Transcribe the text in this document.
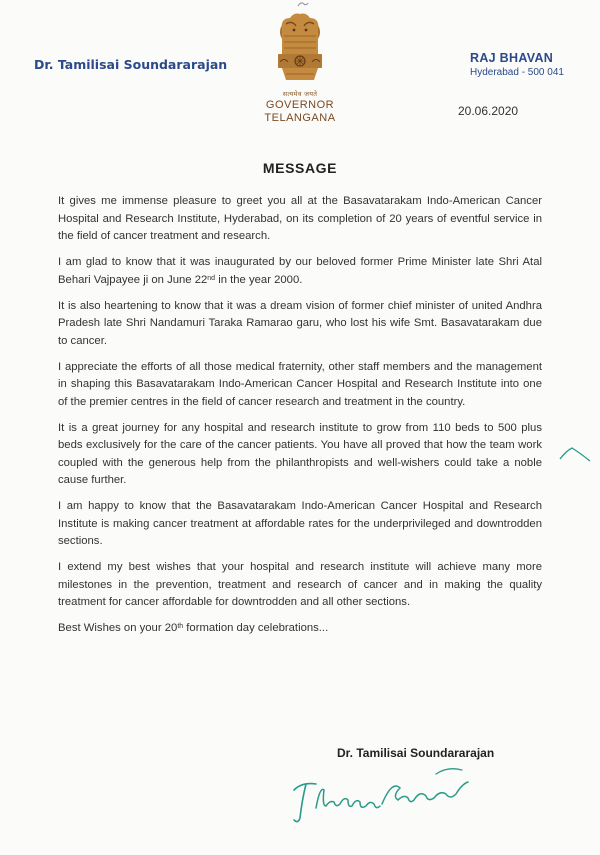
Dr. Tamilisai Soundararajan
सत्यमेव जयते
GOVERNOR
TELANGANA
RAJ BHAVAN
Hyderabad - 500 041
20.06.2020
MESSAGE

It gives me immense pleasure to greet you all at the Basavatarakam Indo-American Cancer Hospital and Research Institute, Hyderabad, on its completion of 20 years of eventful service in the field of cancer treatment and research.

I am glad to know that it was inaugurated by our beloved former Prime Minister late Shri Atal Behari Vajpayee ji on June 22nd in the year 2000.

It is also heartening to know that it was a dream vision of former chief minister of united Andhra Pradesh late Shri Nandamuri Taraka Ramarao garu, who lost his wife Smt. Basavatarakam due to cancer.

I appreciate the efforts of all those medical fraternity, other staff members and the management in shaping this Basavatarakam Indo-American Cancer Hospital and Research Institute into one of the premier centres in the field of cancer research and treatment in the country.

It is a great journey for any hospital and research institute to grow from 110 beds to 500 plus beds exclusively for the care of the cancer patients. You have all proved that how the team work coupled with the generous help from the philanthropists and well-wishers could take a noble cause further.

I am happy to know that the Basavatarakam Indo-American Cancer Hospital and Research Institute is making cancer treatment at affordable rates for the underprivileged and downtrodden sections.

I extend my best wishes that your hospital and research institute will achieve many more milestones in the prevention, treatment and research of cancer and in making the quality treatment for cancer affordable for downtrodden and all other sections.

Best Wishes on your 20th formation day celebrations...

Dr. Tamilisai Soundararajan
